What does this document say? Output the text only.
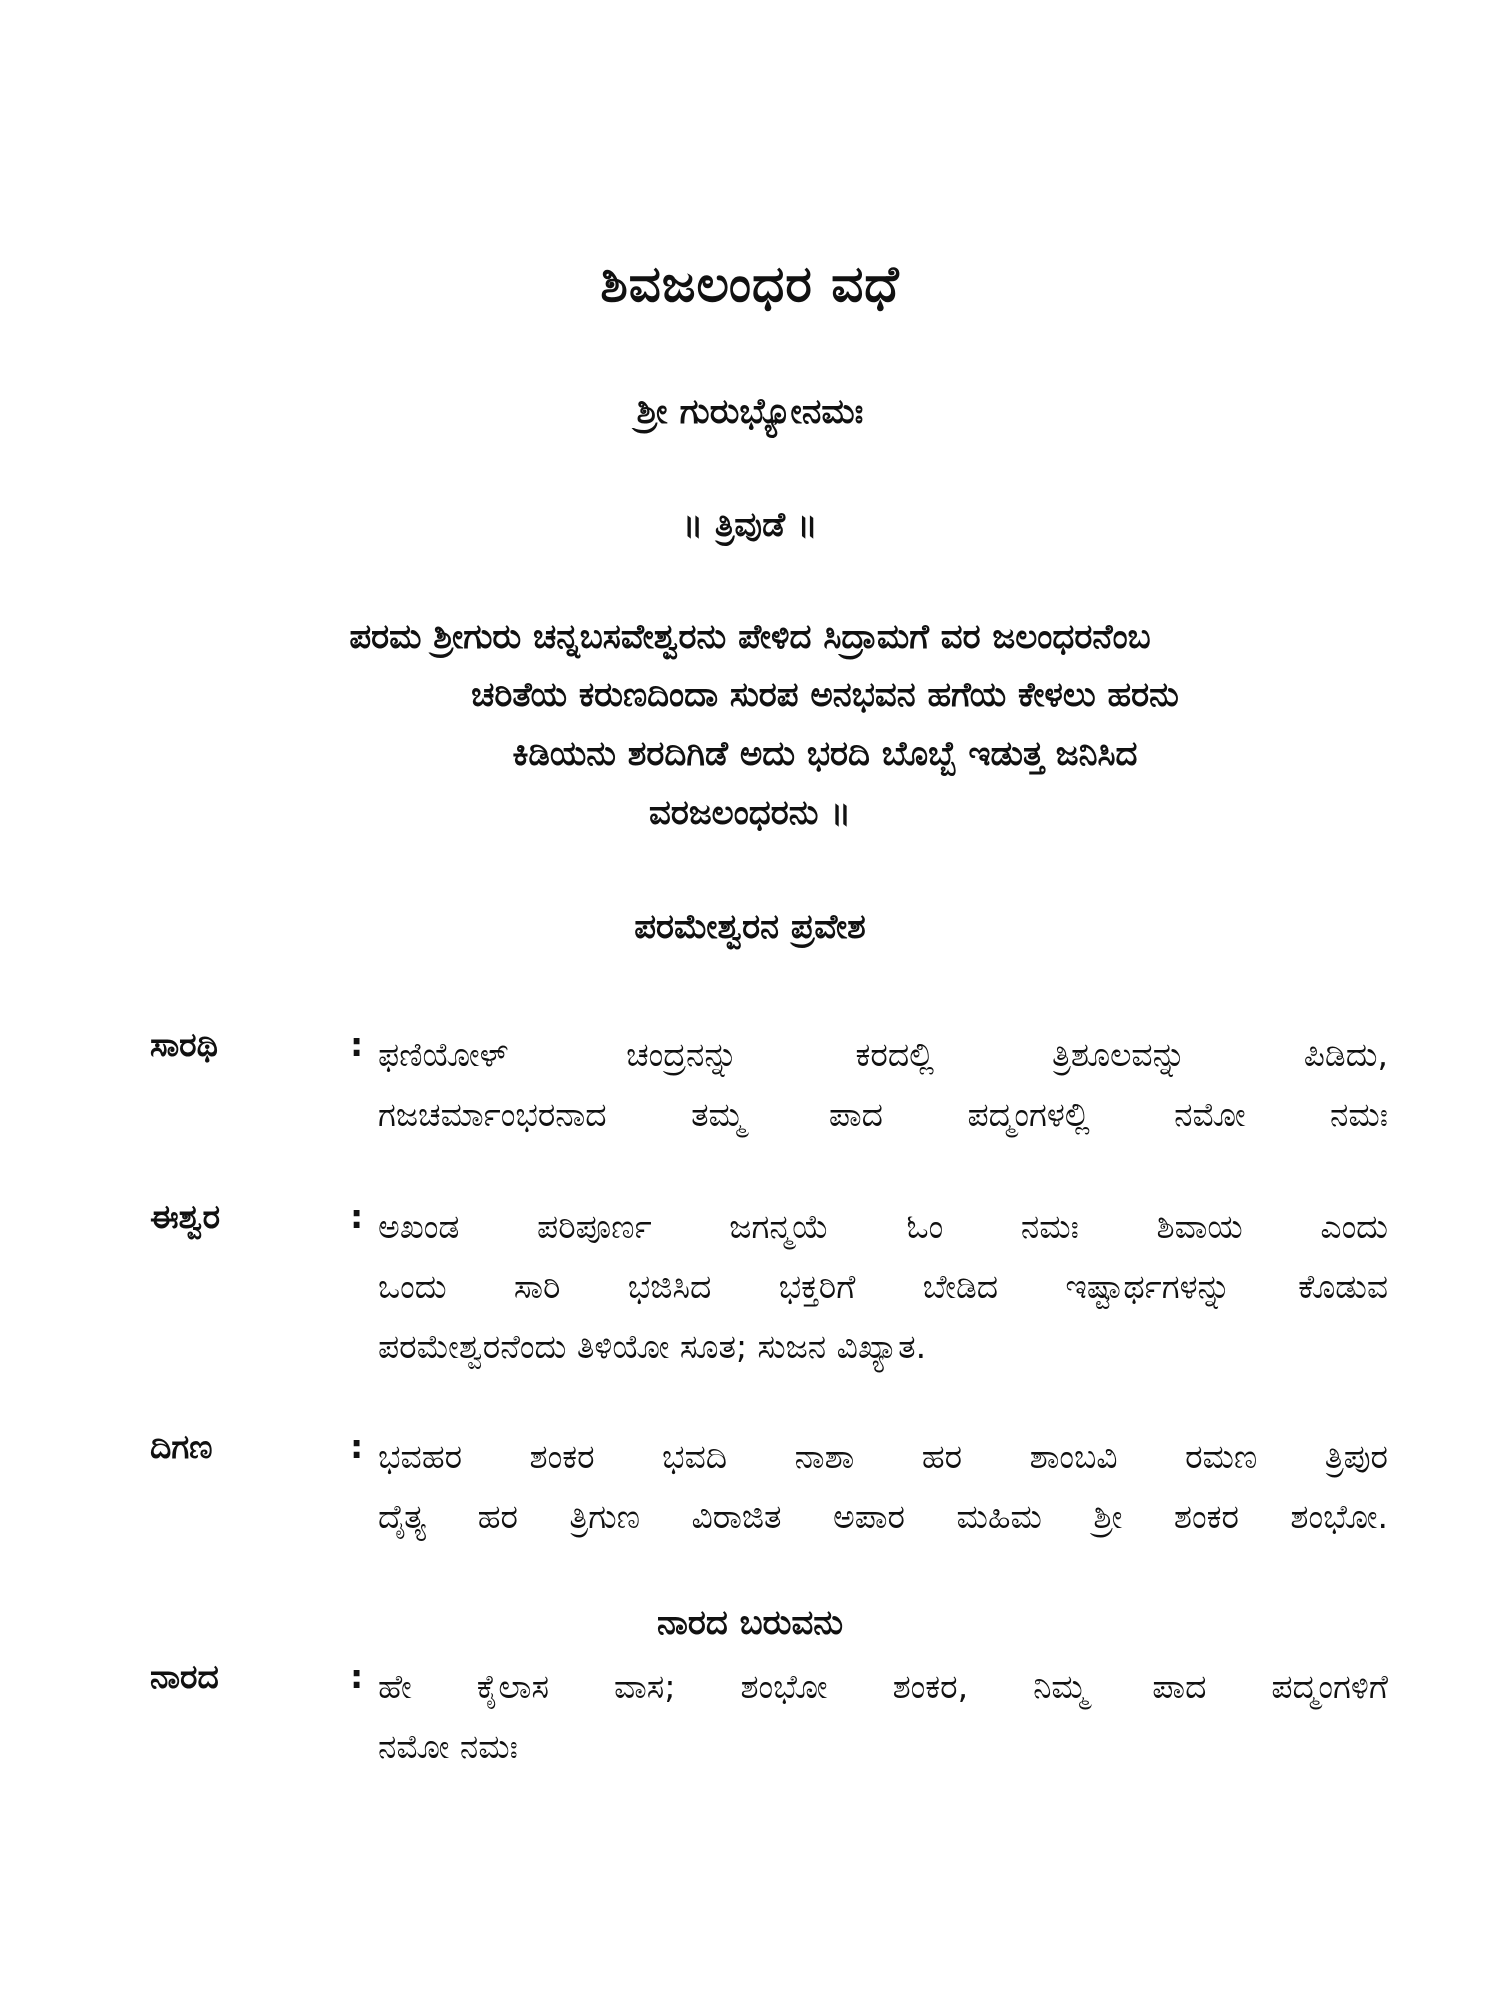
ಶಿವಜಲಂಧರ ವಧೆ
ಶ್ರೀ ಗುರುಭ್ಯೋನಮಃ
॥ ತ್ರಿವುಡೆ ॥
ಪರಮ ಶ್ರೀಗುರು ಚನ್ನಬಸವೇಶ್ವರನು ಪೇಳಿದ ಸಿದ್ರಾಮಗೆ ವರ ಜಲಂಧರನೆಂಬ
ಚರಿತೆಯ ಕರುಣದಿಂದಾ ಸುರಪ ಅನಭವನ ಹಗೆಯ ಕೇಳಲು ಹರನು
ಕಿಡಿಯನು ಶರದಿಗಿಡೆ ಅದು ಭರದಿ ಬೊಬ್ಬೆ ಇಡುತ್ತ ಜನಿಸಿದ
ವರಜಲಂಧರನು ॥
ಪರಮೇಶ್ವರನ ಪ್ರವೇಶ
ಸಾರಥಿ	: ಫಣಿಯೋಳ್ ಚಂದ್ರನನ್ನು ಕರದಲ್ಲಿ ತ್ರಿಶೂಲವನ್ನು ಪಿಡಿದು,
ಗಜಚರ್ಮಾಂಭರನಾದ ತಮ್ಮ ಪಾದ ಪದ್ಮಂಗಳಲ್ಲಿ ನಮೋ ನಮಃ
ಈಶ್ವರ	: ಅಖಂಡ ಪರಿಪೂರ್ಣ ಜಗನ್ಮಯೆ ಓಂ ನಮಃ ಶಿವಾಯ ಎಂದು
ಒಂದು ಸಾರಿ ಭಜಿಸಿದ ಭಕ್ತರಿಗೆ ಬೇಡಿದ ಇಷ್ಟಾರ್ಥಗಳನ್ನು ಕೊಡುವ
ಪರಮೇಶ್ವರನೆಂದು ತಿಳಿಯೋ ಸೂತ; ಸುಜನ ವಿಖ್ಯಾತ.
ದಿಗಣ	: ಭವಹರ ಶಂಕರ ಭವದಿ ನಾಶಾ ಹರ ಶಾಂಬವಿ ರಮಣ ತ್ರಿಪುರ
ದೈತ್ಯ ಹರ ತ್ರಿಗುಣ ವಿರಾಜಿತ ಅಪಾರ ಮಹಿಮ ಶ್ರೀ ಶಂಕರ ಶಂಭೋ.
ನಾರದ ಬರುವನು
ನಾರದ	: ಹೇ ಕೈಲಾಸ ವಾಸ; ಶಂಭೋ ಶಂಕರ, ನಿಮ್ಮ ಪಾದ ಪದ್ಮಂಗಳಿಗೆ
ನಮೋ ನಮಃ
